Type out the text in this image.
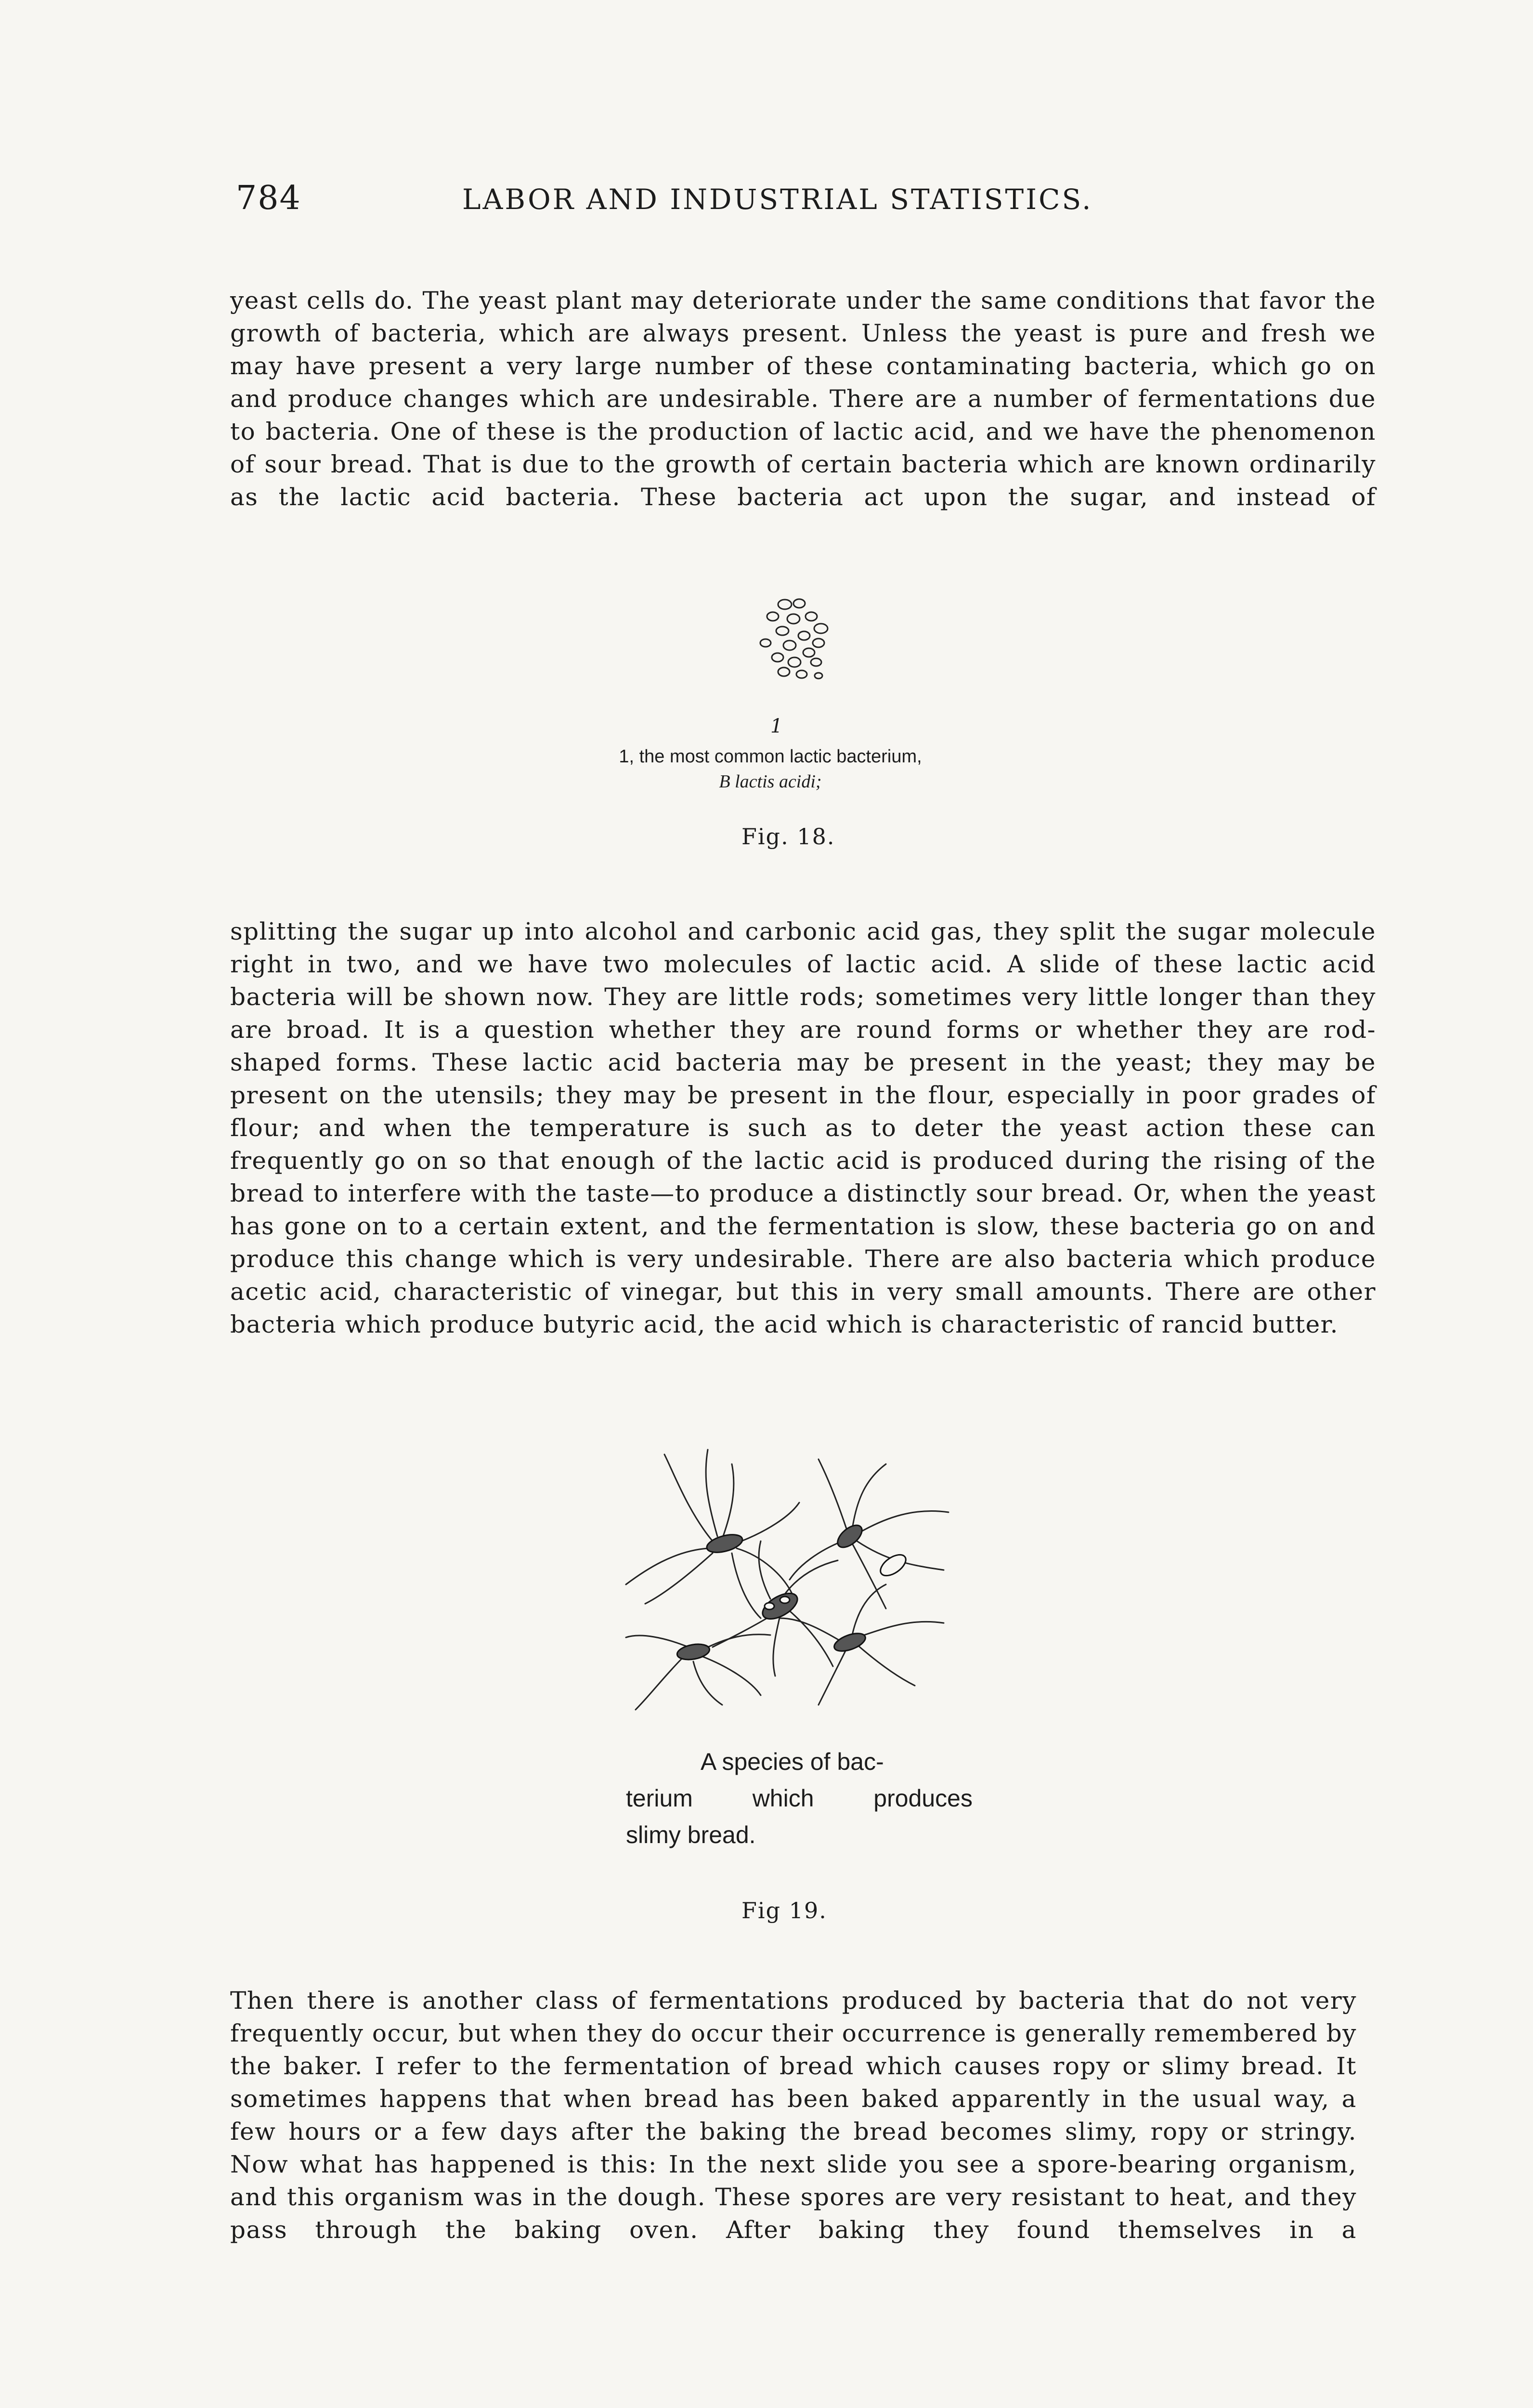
784	LABOR AND INDUSTRIAL STATISTICS.

yeast cells do. The yeast plant may deteriorate under the same conditions that favor the growth of bacteria, which are always present. Unless the yeast is pure and fresh we may have present a very large number of these contaminating bacteria, which go on and produce changes which are undesirable. There are a number of fermentations due to bacteria. One of these is the production of lactic acid, and we have the phenomenon of sour bread. That is due to the growth of certain bacteria which are known ordinarily as the lactic acid bacteria. These bacteria act upon the sugar, and instead of

1
1, the most common lactic bacterium,
B lactis acidi;
Fig. 18.

splitting the sugar up into alcohol and carbonic acid gas, they split the sugar molecule right in two, and we have two molecules of lactic acid. A slide of these lactic acid bacteria will be shown now. They are little rods; sometimes very little longer than they are broad. It is a question whether they are round forms or whether they are rod-shaped forms. These lactic acid bacteria may be present in the yeast; they may be present on the utensils; they may be present in the flour, especially in poor grades of flour; and when the temperature is such as to deter the yeast action these can frequently go on so that enough of the lactic acid is produced during the rising of the bread to interfere with the taste—to produce a distinctly sour bread. Or, when the yeast has gone on to a certain extent, and the fermentation is slow, these bacteria go on and produce this change which is very undesirable. There are also bacteria which produce acetic acid, characteristic of vinegar, but this in very small amounts. There are other bacteria which produce butyric acid, the acid which is characteristic of rancid butter.

A species of bac-
terium which produces
slimy bread.
Fig 19.

Then there is another class of fermentations produced by bacteria that do not very frequently occur, but when they do occur their occurrence is generally remembered by the baker. I refer to the fermentation of bread which causes ropy or slimy bread. It sometimes happens that when bread has been baked apparently in the usual way, a few hours or a few days after the baking the bread becomes slimy, ropy or stringy. Now what has happened is this: In the next slide you see a spore-bearing organism, and this organism was in the dough. These spores are very resistant to heat, and they pass through the baking oven. After baking they found themselves in a
